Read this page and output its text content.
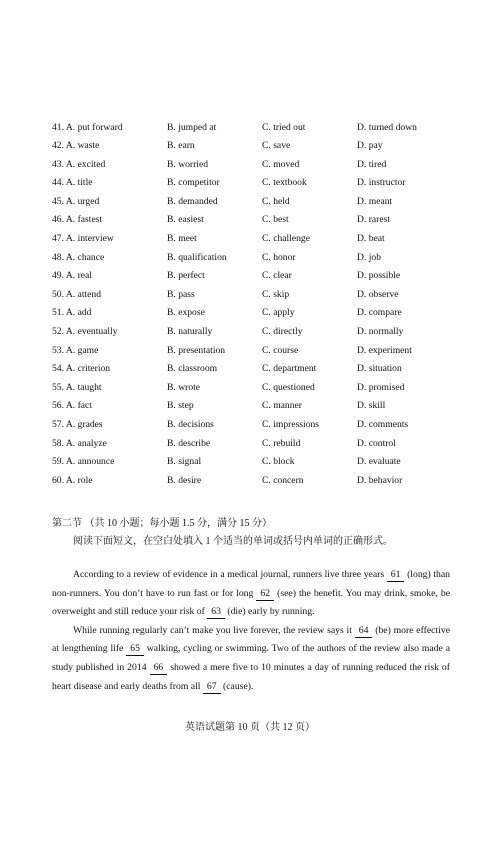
41. A. put forward	B. jumped at	C. tried out	D. turned down
42. A. waste	B. earn	C. save	D. pay
43. A. excited	B. worried	C. moved	D. tired
44. A. title	B. competitor	C. textbook	D. instructor
45. A. urged	B. demanded	C. held	D. meant
46. A. fastest	B. easiest	C. best	D. rarest
47. A. interview	B. meet	C. challenge	D. beat
48. A. chance	B. qualification	C. honor	D. job
49. A. real	B. perfect	C. clear	D. possible
50. A. attend	B. pass	C. skip	D. observe
51. A. add	B. expose	C. apply	D. compare
52. A. eventually	B. naturally	C. directly	D. normally
53. A. game	B. presentation	C. course	D. experiment
54. A. criterion	B. classroom	C. department	D. situation
55. A. taught	B. wrote	C. questioned	D. promised
56. A. fact	B. step	C. manner	D. skill
57. A. grades	B. decisions	C. impressions	D. comments
58. A. analyze	B. describe	C. rebuild	D. control
59. A. announce	B. signal	C. block	D. evaluate
60. A. role	B. desire	C. concern	D. behavior
第二节 （共 10 小题；每小题 1.5 分，满分 15 分）
阅读下面短文，在空白处填入 1 个适当的单词或括号内单词的正确形式。

According to a review of evidence in a medical journal, runners live three years 61 (long) than non-runners. You don’t have to run fast or for long 62 (see) the benefit. You may drink, smoke, be overweight and still reduce your risk of 63 (die) early by running.

While running regularly can’t make you live forever, the review says it 64 (be) more effective at lengthening life 65 walking, cycling or swimming. Two of the authors of the review also made a study published in 2014 66 showed a mere five to 10 minutes a day of running reduced the risk of heart disease and early deaths from all 67 (cause).

英语试题第 10 页（共 12 页）
